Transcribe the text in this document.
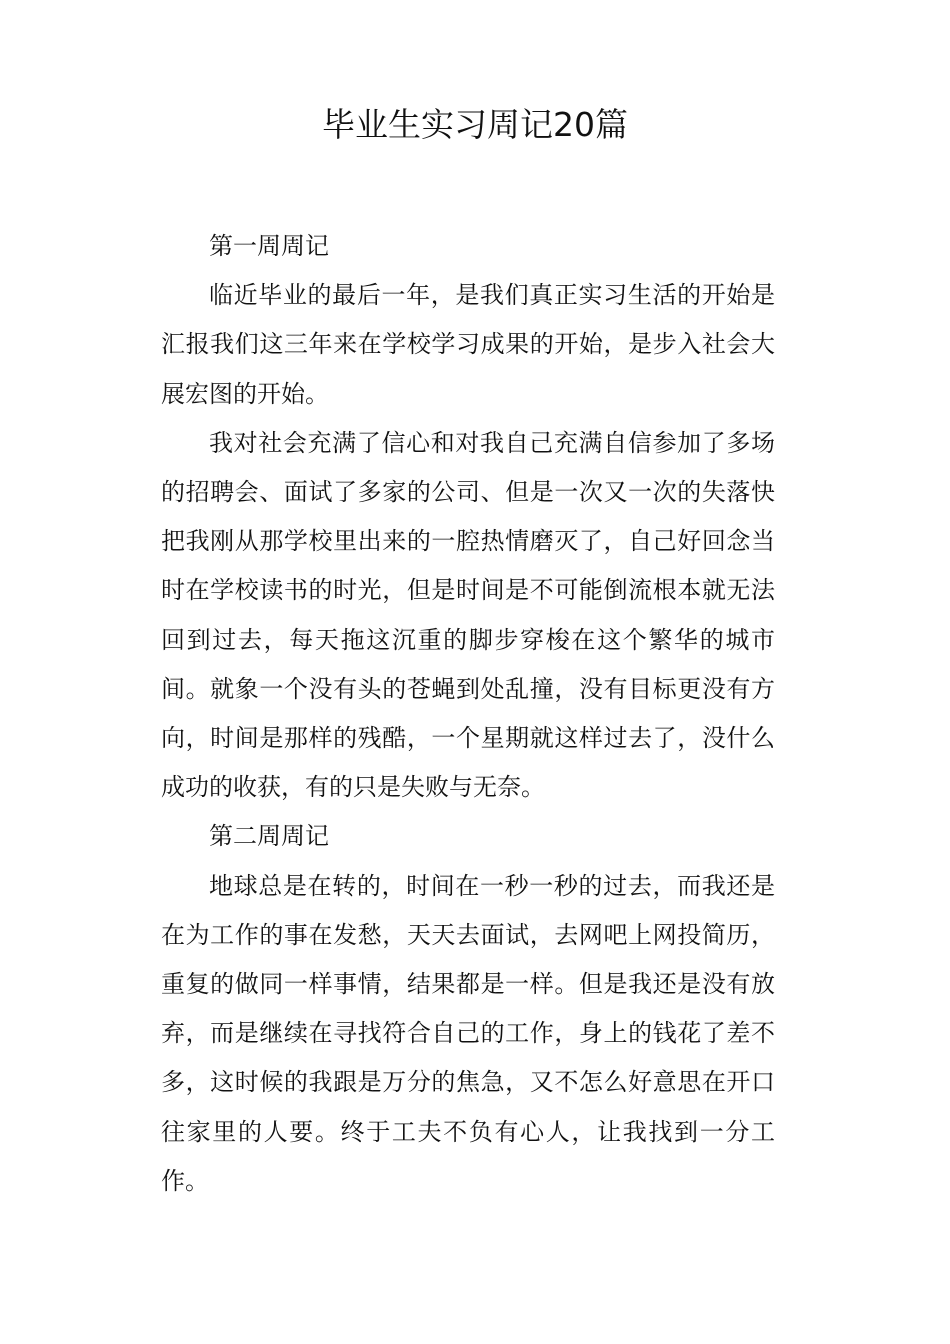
毕业生实习周记20篇

第一周周记

临近毕业的最后一年，是我们真正实习生活的开始是汇报我们这三年来在学校学习成果的开始，是步入社会大展宏图的开始。

我对社会充满了信心和对我自己充满自信参加了多场的招聘会、面试了多家的公司、但是一次又一次的失落快把我刚从那学校里出来的一腔热情磨灭了，自己好回念当时在学校读书的时光，但是时间是不可能倒流根本就无法回到过去，每天拖这沉重的脚步穿梭在这个繁华的城市间。就象一个没有头的苍蝇到处乱撞，没有目标更没有方向，时间是那样的残酷，一个星期就这样过去了，没什么成功的收获，有的只是失败与无奈。

第二周周记

地球总是在转的，时间在一秒一秒的过去，而我还是在为工作的事在发愁，天天去面试，去网吧上网投简历，重复的做同一样事情，结果都是一样。但是我还是没有放弃，而是继续在寻找符合自己的工作，身上的钱花了差不多，这时候的我跟是万分的焦急，又不怎么好意思在开口往家里的人要。终于工夫不负有心人，让我找到一分工作。
